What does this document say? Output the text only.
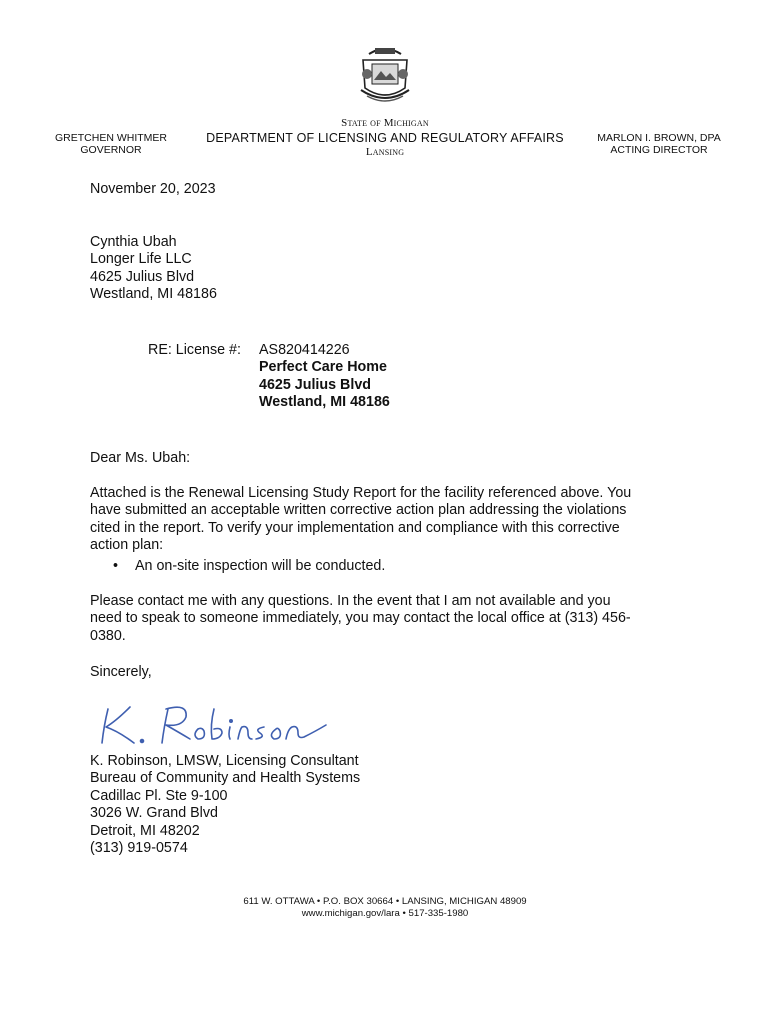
GRETCHEN WHITMER
GOVERNOR
State of Michigan
DEPARTMENT OF LICENSING AND REGULATORY AFFAIRS
Lansing
MARLON I. BROWN, DPA
ACTING DIRECTOR
November 20, 2023
Cynthia Ubah
Longer Life LLC
4625 Julius Blvd
Westland, MI 48186
RE: License #: AS820414226
Perfect Care Home
4625 Julius Blvd
Westland, MI 48186
Dear Ms. Ubah:
Attached is the Renewal Licensing Study Report for the facility referenced above. You
have submitted an acceptable written corrective action plan addressing the violations
cited in the report. To verify your implementation and compliance with this corrective
action plan:
• An on-site inspection will be conducted.
Please contact me with any questions. In the event that I am not available and you
need to speak to someone immediately, you may contact the local office at (313) 456-
0380.
Sincerely,
K. Robinson, LMSW, Licensing Consultant
Bureau of Community and Health Systems
Cadillac Pl. Ste 9-100
3026 W. Grand Blvd
Detroit, MI 48202
(313) 919-0574
611 W. OTTAWA • P.O. BOX 30664 • LANSING, MICHIGAN 48909
www.michigan.gov/lara • 517-335-1980
